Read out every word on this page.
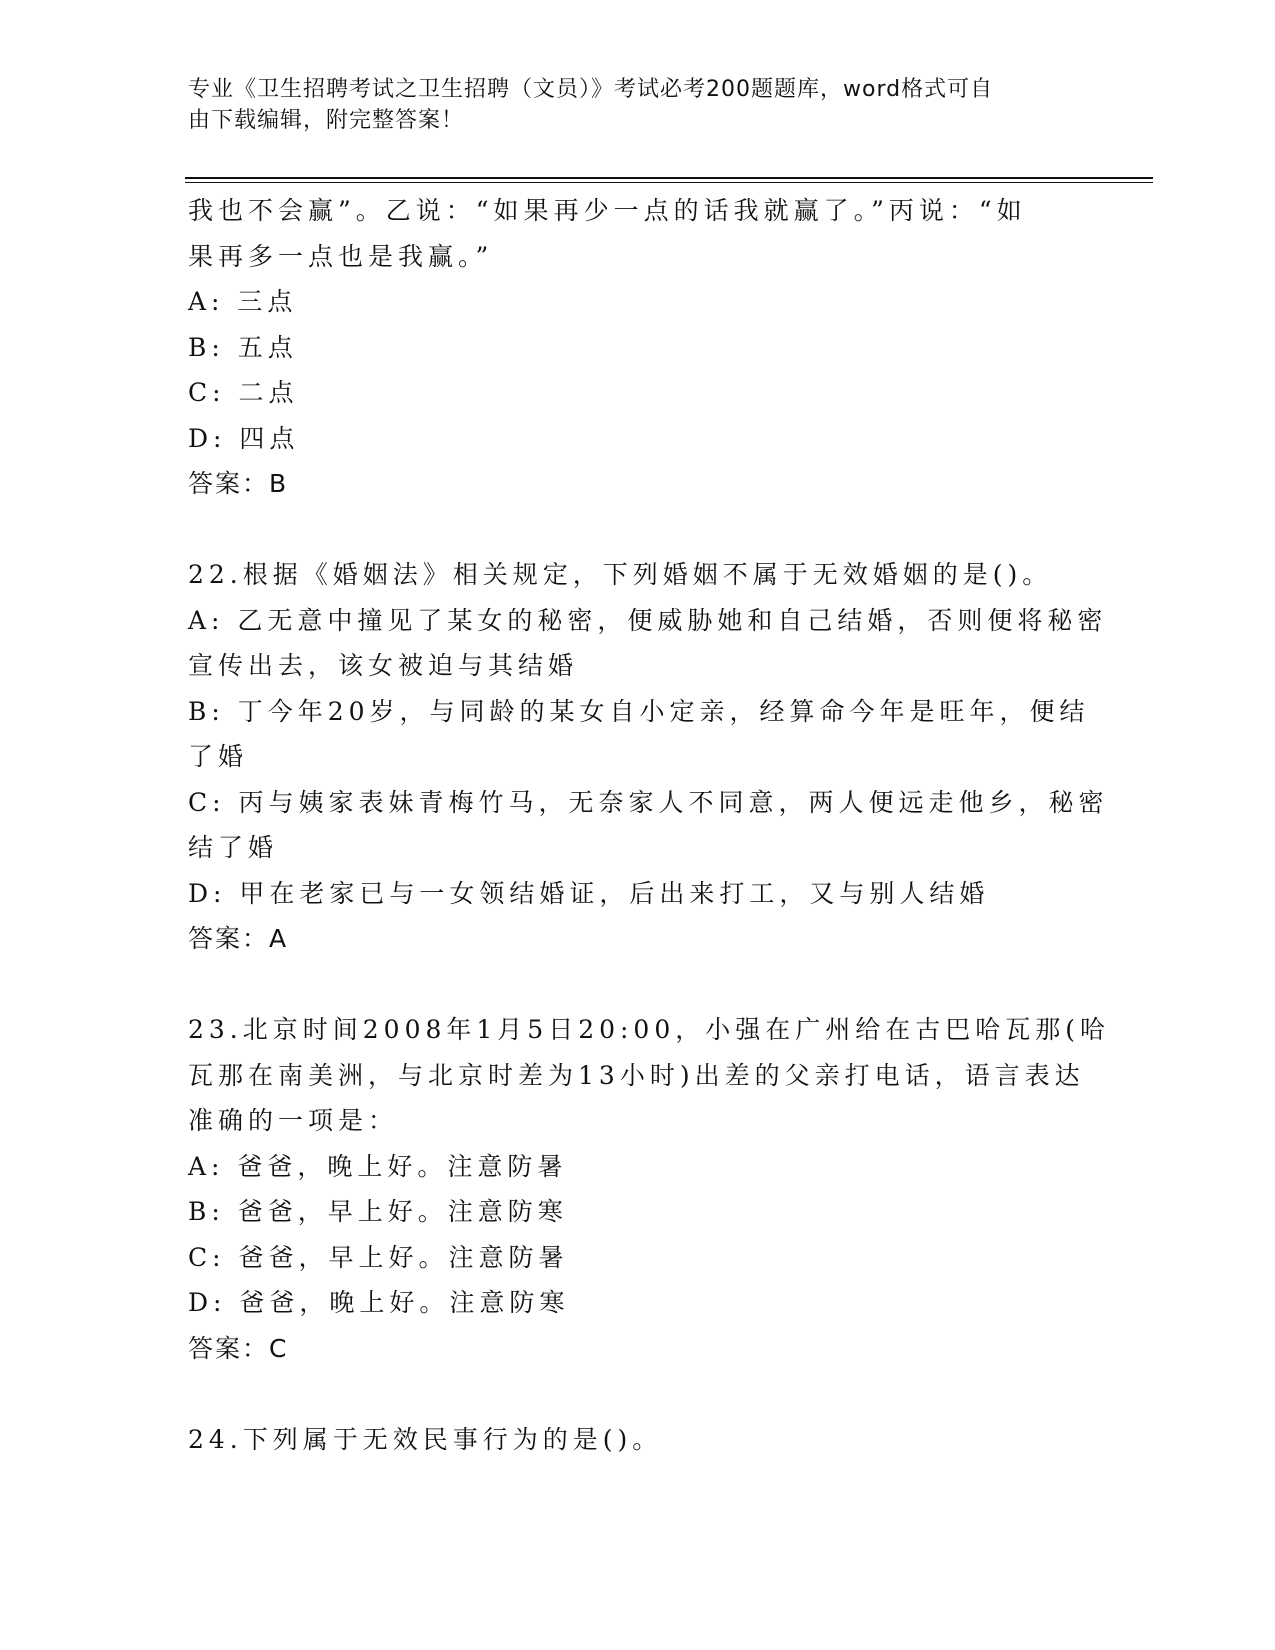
专业《卫生招聘考试之卫生招聘（文员）》考试必考200题题库，word格式可自
由下载编辑，附完整答案！
我也不会赢”。乙说：“如果再少一点的话我就赢了。”丙说：“如
果再多一点也是我赢。”
A: 三点
B: 五点
C: 二点
D: 四点
答案：B
22.根据《婚姻法》相关规定，下列婚姻不属于无效婚姻的是()。
A: 乙无意中撞见了某女的秘密，便威胁她和自己结婚，否则便将秘密
宣传出去，该女被迫与其结婚
B: 丁今年20岁，与同龄的某女自小定亲，经算命今年是旺年，便结
了婚
C: 丙与姨家表妹青梅竹马，无奈家人不同意，两人便远走他乡，秘密
结了婚
D: 甲在老家已与一女领结婚证，后出来打工，又与别人结婚
答案：A
23.北京时间2008年1月5日20:00，小强在广州给在古巴哈瓦那(哈
瓦那在南美洲，与北京时差为13小时)出差的父亲打电话，语言表达
准确的一项是：
A: 爸爸，晚上好。注意防暑
B: 爸爸，早上好。注意防寒
C: 爸爸，早上好。注意防暑
D: 爸爸，晚上好。注意防寒
答案：C
24.下列属于无效民事行为的是()。
